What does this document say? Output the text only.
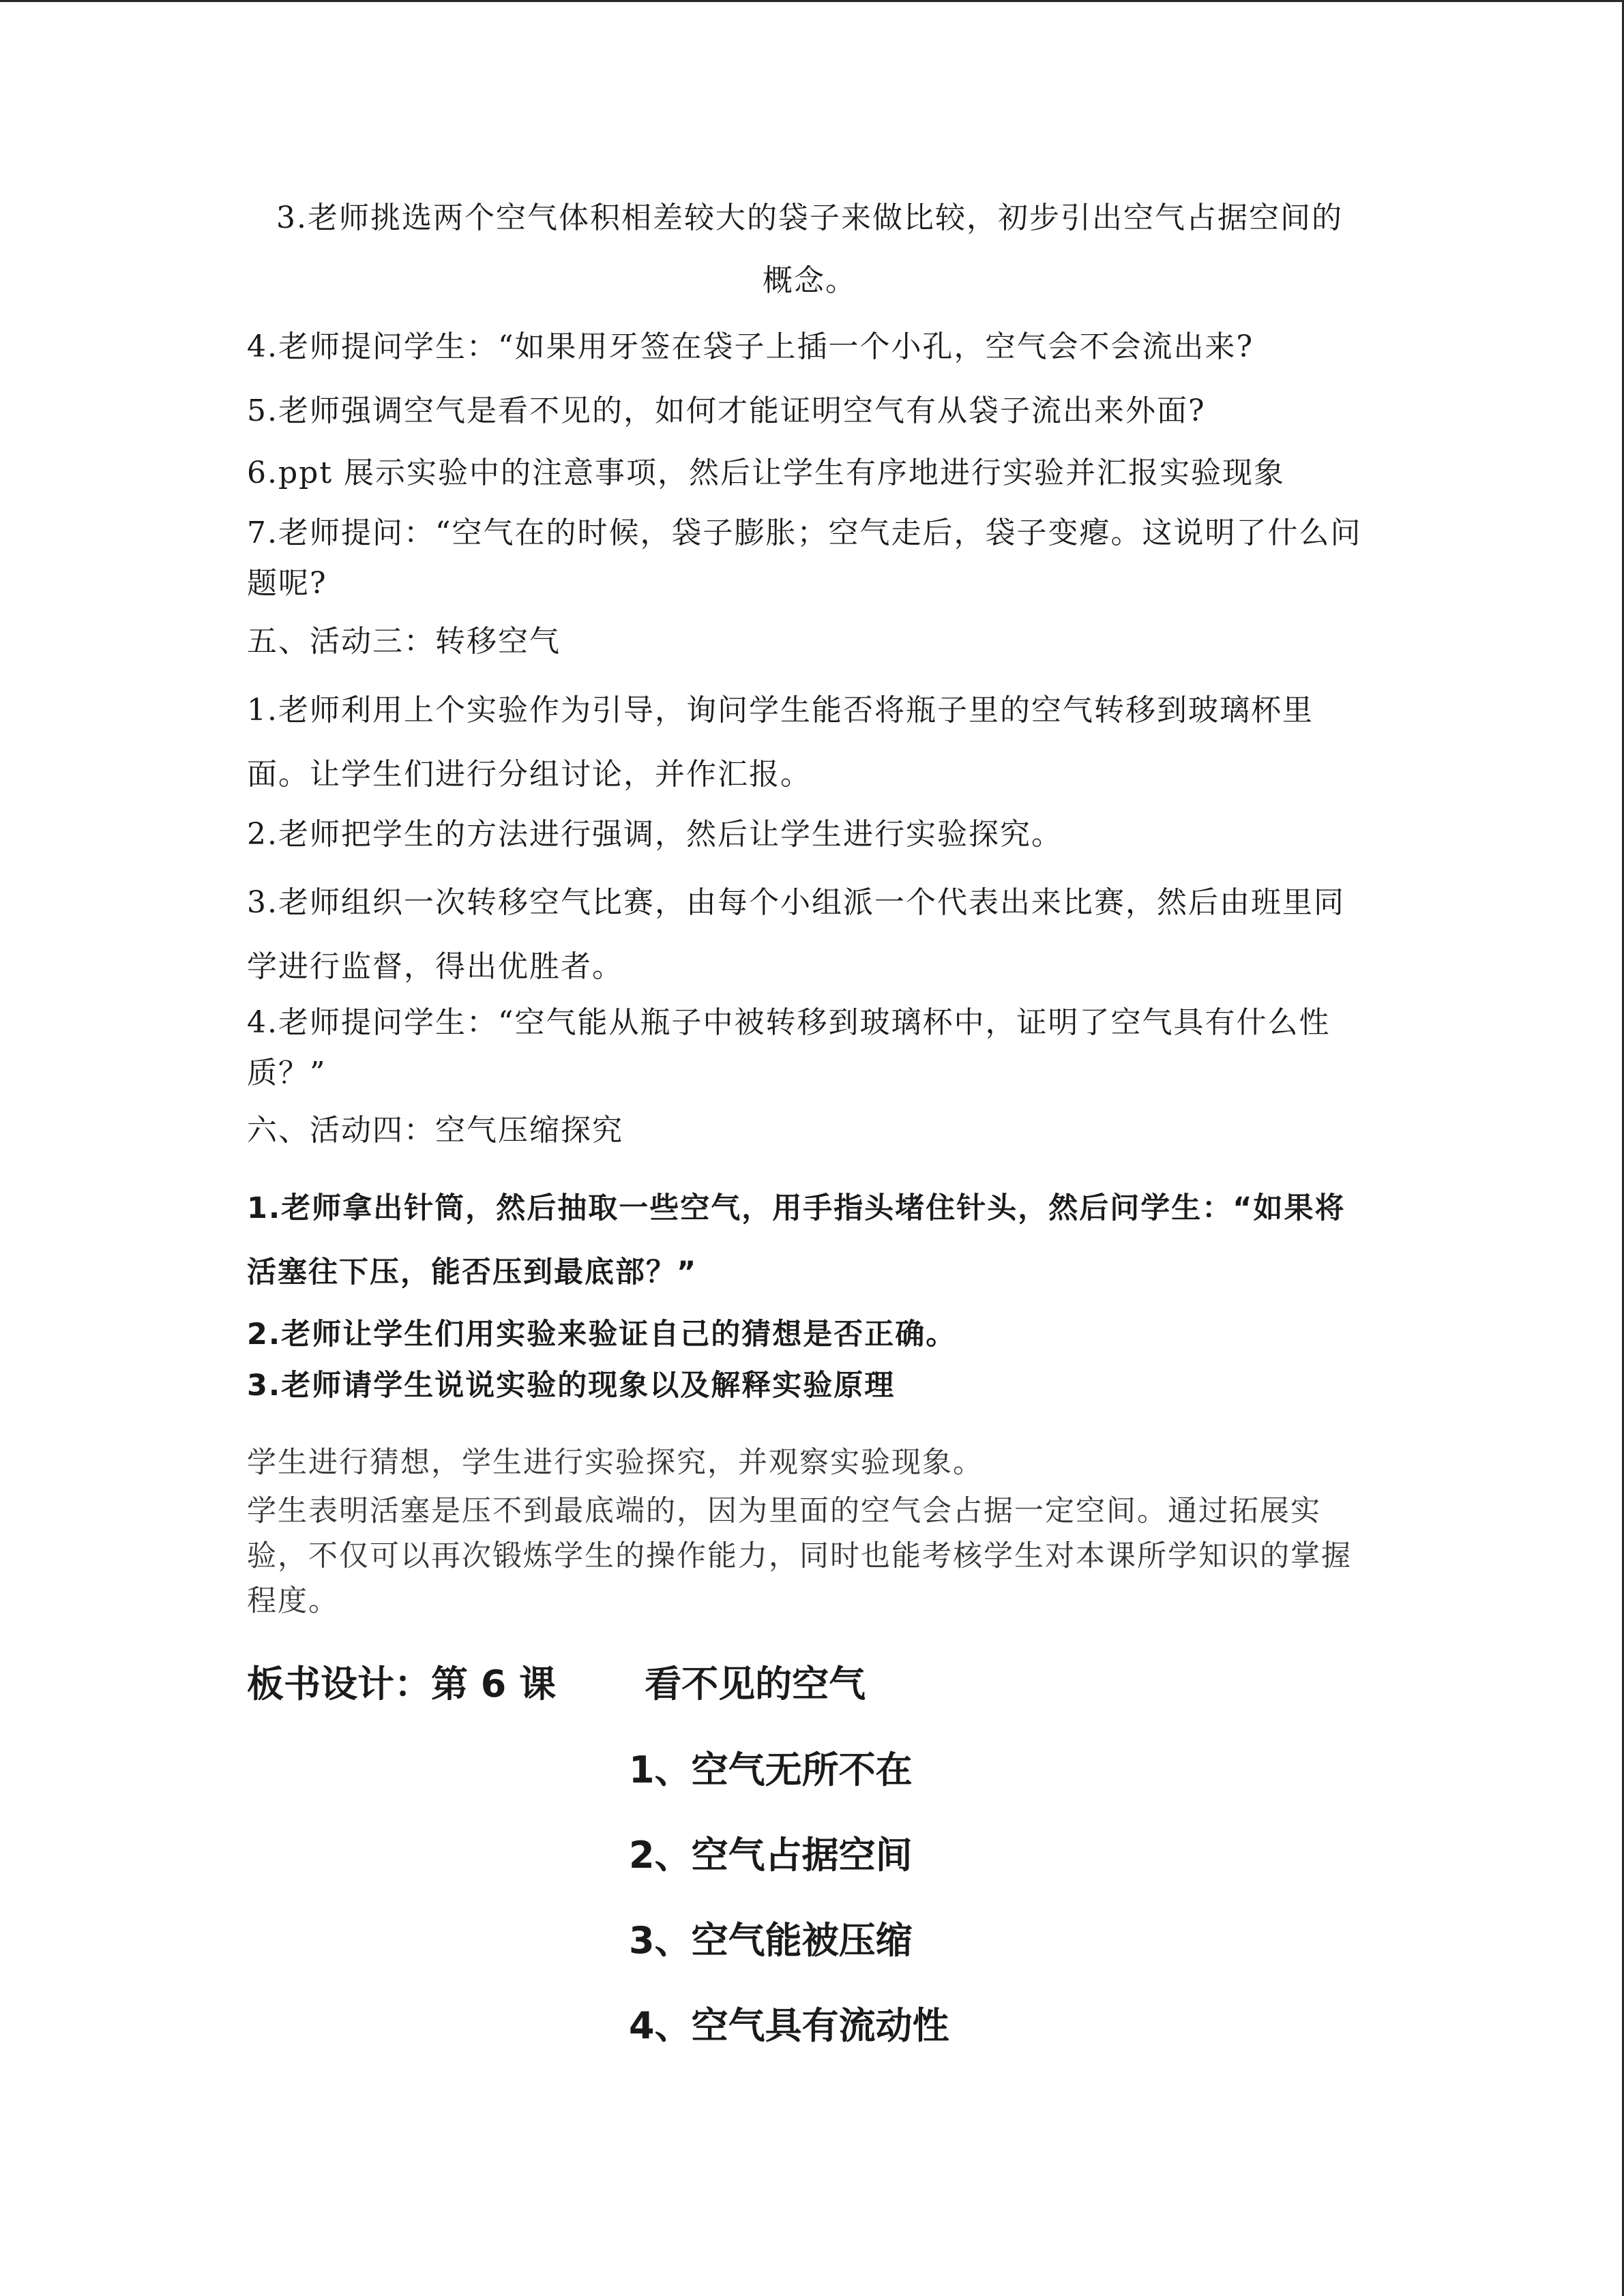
3.老师挑选两个空气体积相差较大的袋子来做比较，初步引出空气占据空间的
概念。
4.老师提问学生：“如果用牙签在袋子上插一个小孔，空气会不会流出来?
5.老师强调空气是看不见的，如何才能证明空气有从袋子流出来外面?
6.ppt 展示实验中的注意事项，然后让学生有序地进行实验并汇报实验现象
7.老师提问：“空气在的时候，袋子膨胀；空气走后，袋子变瘪。这说明了什么问题呢?
五、活动三：转移空气
1.老师利用上个实验作为引导，询问学生能否将瓶子里的空气转移到玻璃杯里面。让学生们进行分组讨论，并作汇报。
2.老师把学生的方法进行强调，然后让学生进行实验探究。
3.老师组织一次转移空气比赛，由每个小组派一个代表出来比赛，然后由班里同学进行监督，得出优胜者。
4.老师提问学生：“空气能从瓶子中被转移到玻璃杯中，证明了空气具有什么性质？”
六、活动四：空气压缩探究
1.老师拿出针筒，然后抽取一些空气，用手指头堵住针头，然后问学生：“如果将活塞往下压，能否压到最底部？”
2.老师让学生们用实验来验证自己的猜想是否正确。
3.老师请学生说说实验的现象以及解释实验原理
学生进行猜想，学生进行实验探究，并观察实验现象。
学生表明活塞是压不到最底端的，因为里面的空气会占据一定空间。通过拓展实验，不仅可以再次锻炼学生的操作能力，同时也能考核学生对本课所学知识的掌握程度。
板书设计：第 6 课 看不见的空气
1、空气无所不在
2、空气占据空间
3、空气能被压缩
4、空气具有流动性
